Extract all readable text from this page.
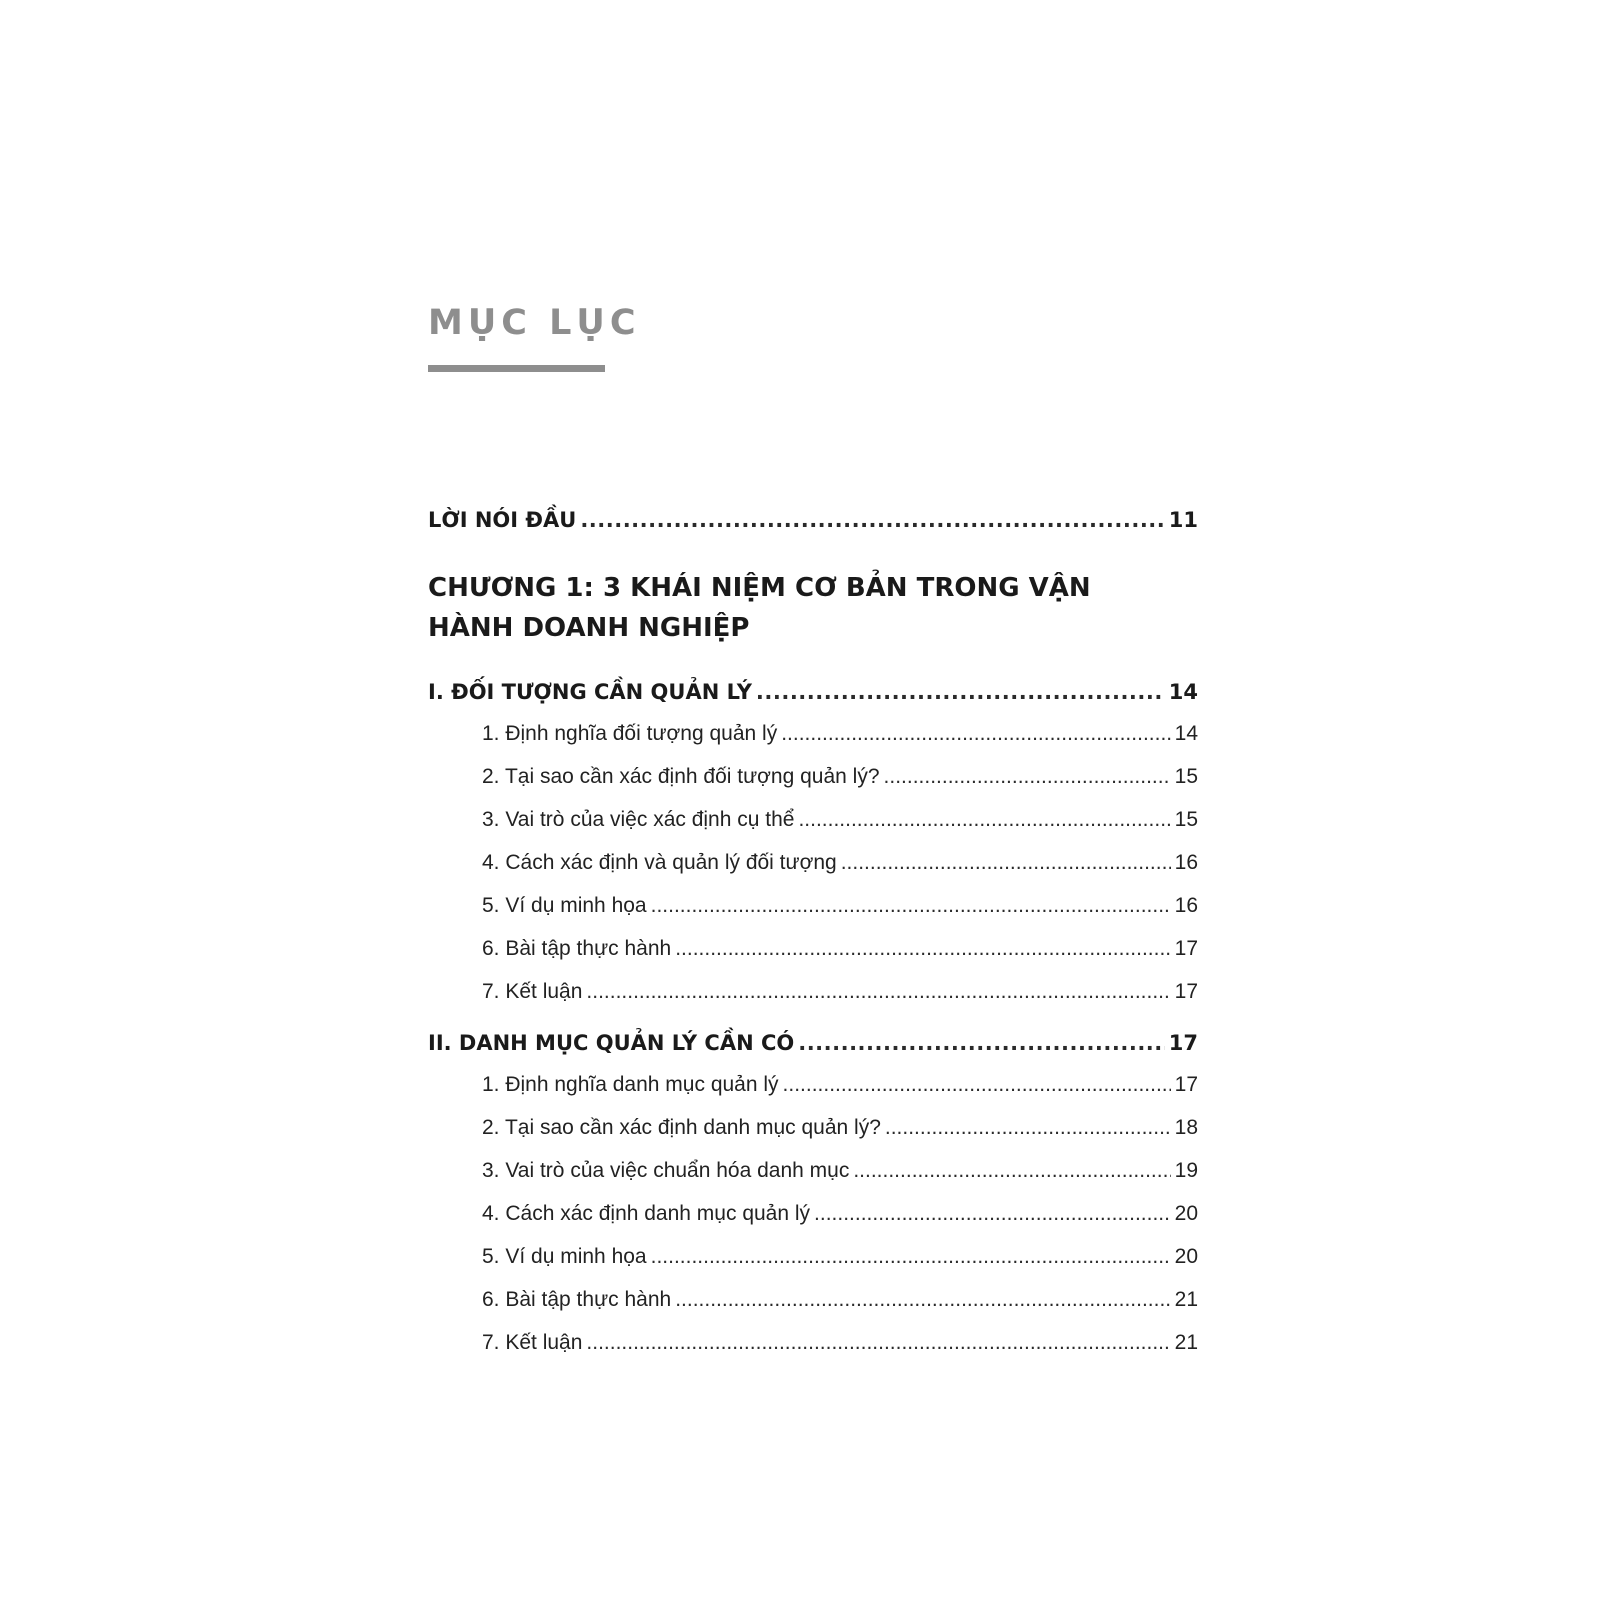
MỤC LỤC
LỜI NÓI ĐẦU .....	11
CHƯƠNG 1: 3 KHÁI NIỆM CƠ BẢN TRONG VẬN HÀNH DOANH NGHIỆP
I. ĐỐI TƯỢNG CẦN QUẢN LÝ .....	14
1. Định nghĩa đối tượng quản lý .....	14
2. Tại sao cần xác định đối tượng quản lý? .....	15
3. Vai trò của việc xác định cụ thể .....	15
4. Cách xác định và quản lý đối tượng .....	16
5. Ví dụ minh họa .....	16
6. Bài tập thực hành .....	17
7. Kết luận .....	17
II. DANH MỤC QUẢN LÝ CẦN CÓ .....	17
1. Định nghĩa danh mục quản lý .....	17
2. Tại sao cần xác định danh mục quản lý? .....	18
3. Vai trò của việc chuẩn hóa danh mục .....	19
4. Cách xác định danh mục quản lý .....	20
5. Ví dụ minh họa .....	20
6. Bài tập thực hành .....	21
7. Kết luận .....	21
